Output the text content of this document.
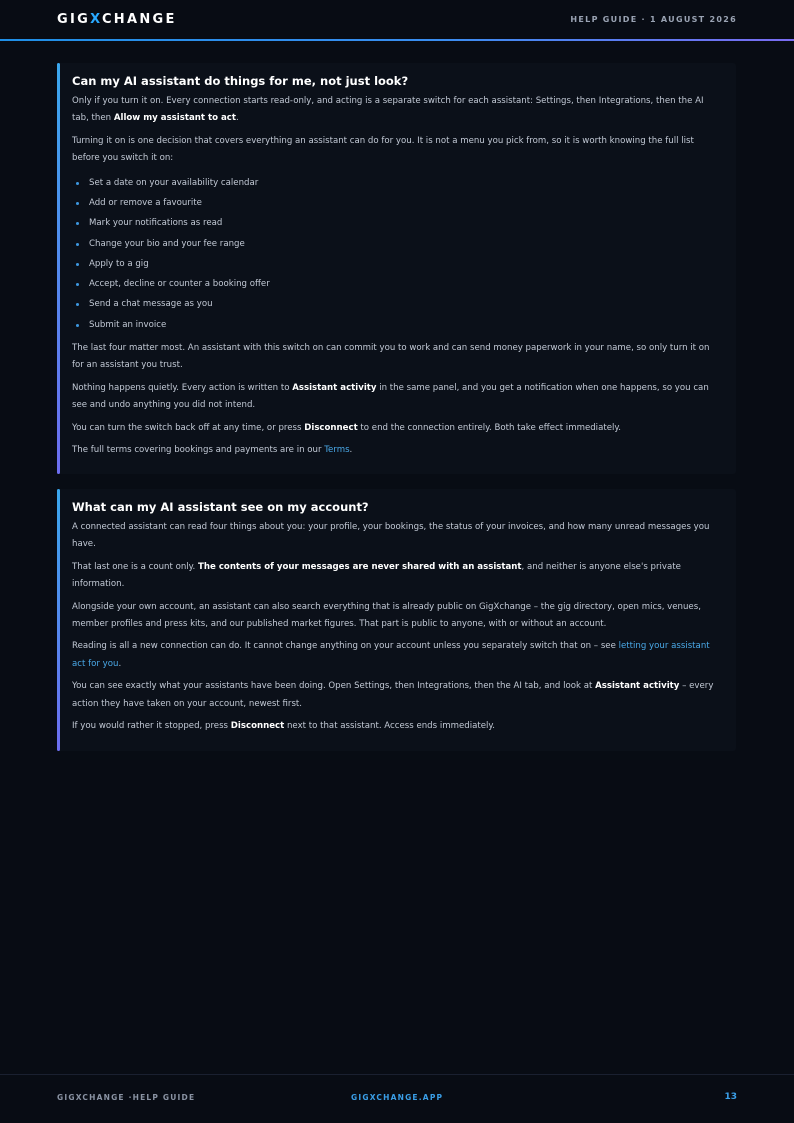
GIGXCHANGE	HELP GUIDE · 1 AUGUST 2026
Can my AI assistant do things for me, not just look?

Only if you turn it on. Every connection starts read-only, and acting is a separate switch for each assistant: Settings, then Integrations, then the AI tab, then Allow my assistant to act.

Turning it on is one decision that covers everything an assistant can do for you. It is not a menu you pick from, so it is worth knowing the full list before you switch it on:

Set a date on your availability calendar
Add or remove a favourite
Mark your notifications as read
Change your bio and your fee range
Apply to a gig
Accept, decline or counter a booking offer
Send a chat message as you
Submit an invoice

The last four matter most. An assistant with this switch on can commit you to work and can send money paperwork in your name, so only turn it on for an assistant you trust.

Nothing happens quietly. Every action is written to Assistant activity in the same panel, and you get a notification when one happens, so you can see and undo anything you did not intend.

You can turn the switch back off at any time, or press Disconnect to end the connection entirely. Both take effect immediately.

The full terms covering bookings and payments are in our Terms.

What can my AI assistant see on my account?

A connected assistant can read four things about you: your profile, your bookings, the status of your invoices, and how many unread messages you have.

That last one is a count only. The contents of your messages are never shared with an assistant, and neither is anyone else's private information.

Alongside your own account, an assistant can also search everything that is already public on GigXchange – the gig directory, open mics, venues, member profiles and press kits, and our published market figures. That part is public to anyone, with or without an account.

Reading is all a new connection can do. It cannot change anything on your account unless you separately switch that on – see letting your assistant act for you.

You can see exactly what your assistants have been doing. Open Settings, then Integrations, then the AI tab, and look at Assistant activity – every action they have taken on your account, newest first.

If you would rather it stopped, press Disconnect next to that assistant. Access ends immediately.

GIGXCHANGE ·HELP GUIDE	GIGXCHANGE.APP	13
